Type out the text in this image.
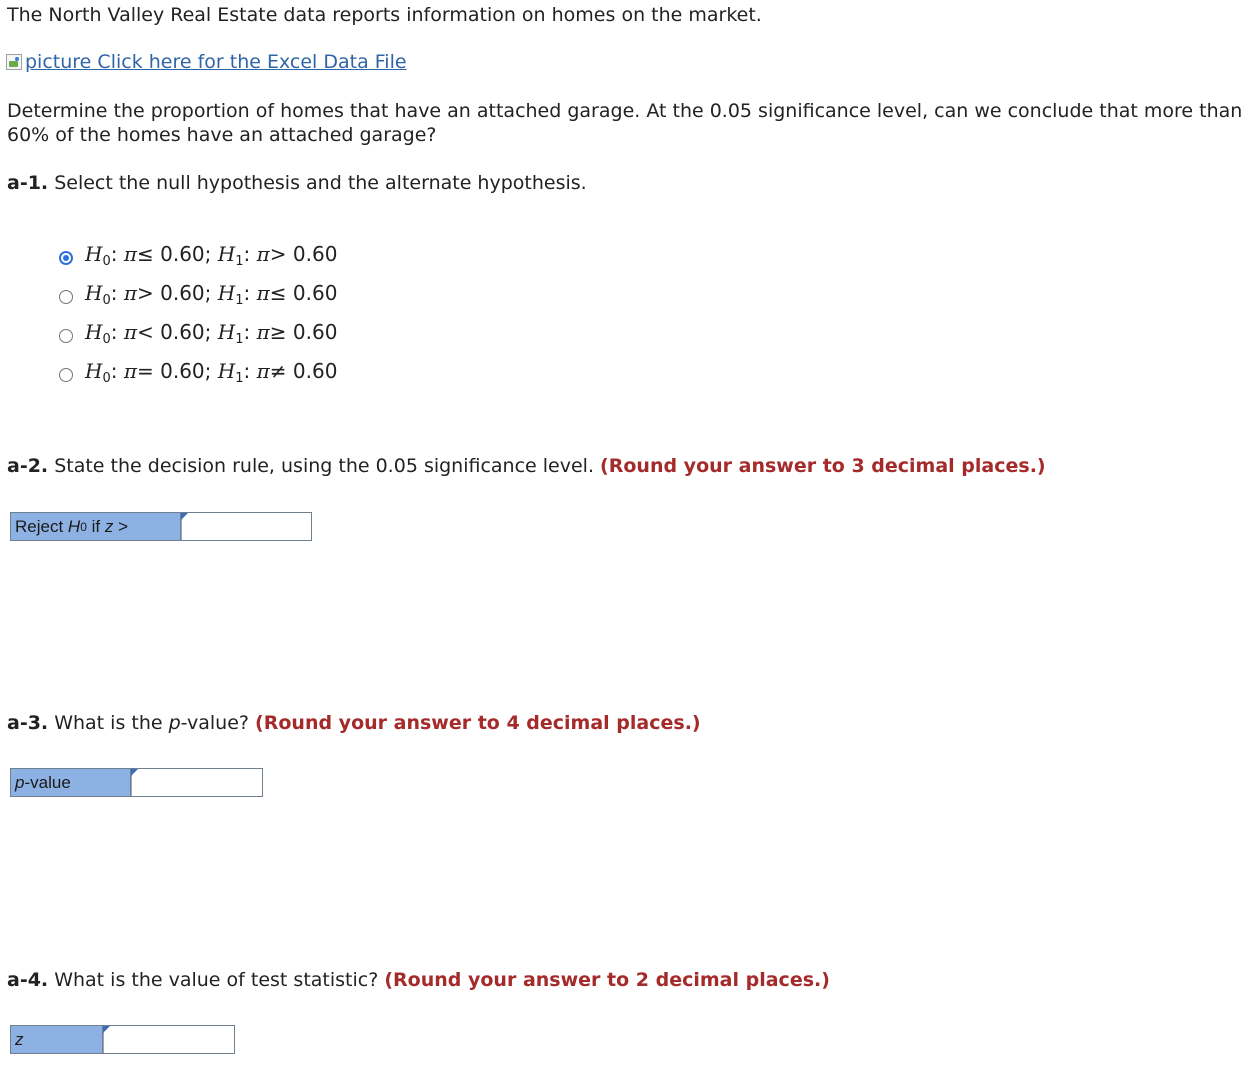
The North Valley Real Estate data reports information on homes on the market.
picture
Click here for the Excel Data File
Determine the proportion of homes that have an attached garage. At the 0.05 significance level, can we conclude that more than 60% of the homes have an attached garage?
a-1. Select the null hypothesis and the alternate hypothesis.
$H_0$: π≤ 0.60; $H_1$: π> 0.60
$H_0$: π> 0.60; $H_1$: π≤ 0.60
$H_0$: π< 0.60; $H_1$: π≥ 0.60
$H_0$: π= 0.60; $H_1$: π≠ 0.60
a-2. State the decision rule, using the 0.05 significance level. (Round your answer to 3 decimal places.)
Reject
H 0
if
z
>
a-3. What is the p-value? (Round your answer to 4 decimal places.)
p -value
a-4. What is the value of test statistic? (Round your answer to 2 decimal places.)
z
